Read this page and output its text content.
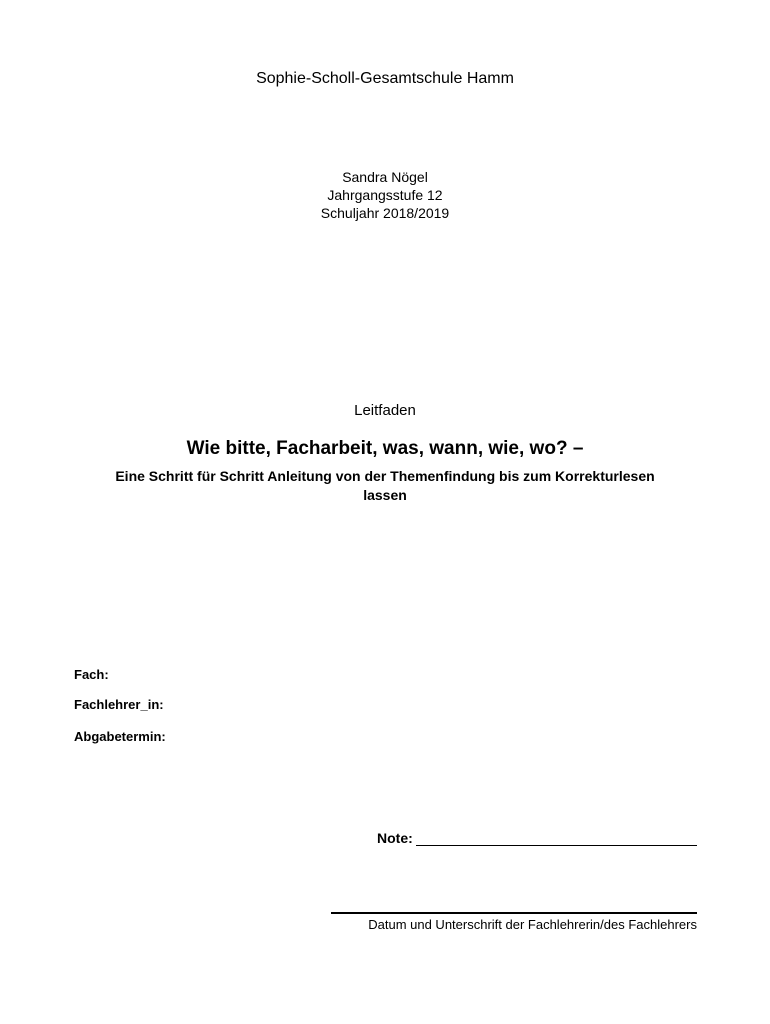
Sophie-Scholl-Gesamtschule Hamm
Sandra Nögel
Jahrgangsstufe 12
Schuljahr 2018/2019
Leitfaden
Wie bitte, Facharbeit, was, wann, wie, wo? –
Eine Schritt für Schritt Anleitung von der Themenfindung bis zum Korrekturlesen lassen
Fach:
Fachlehrer_in:
Abgabetermin:
Note:
Datum und Unterschrift der Fachlehrerin/des Fachlehrers
